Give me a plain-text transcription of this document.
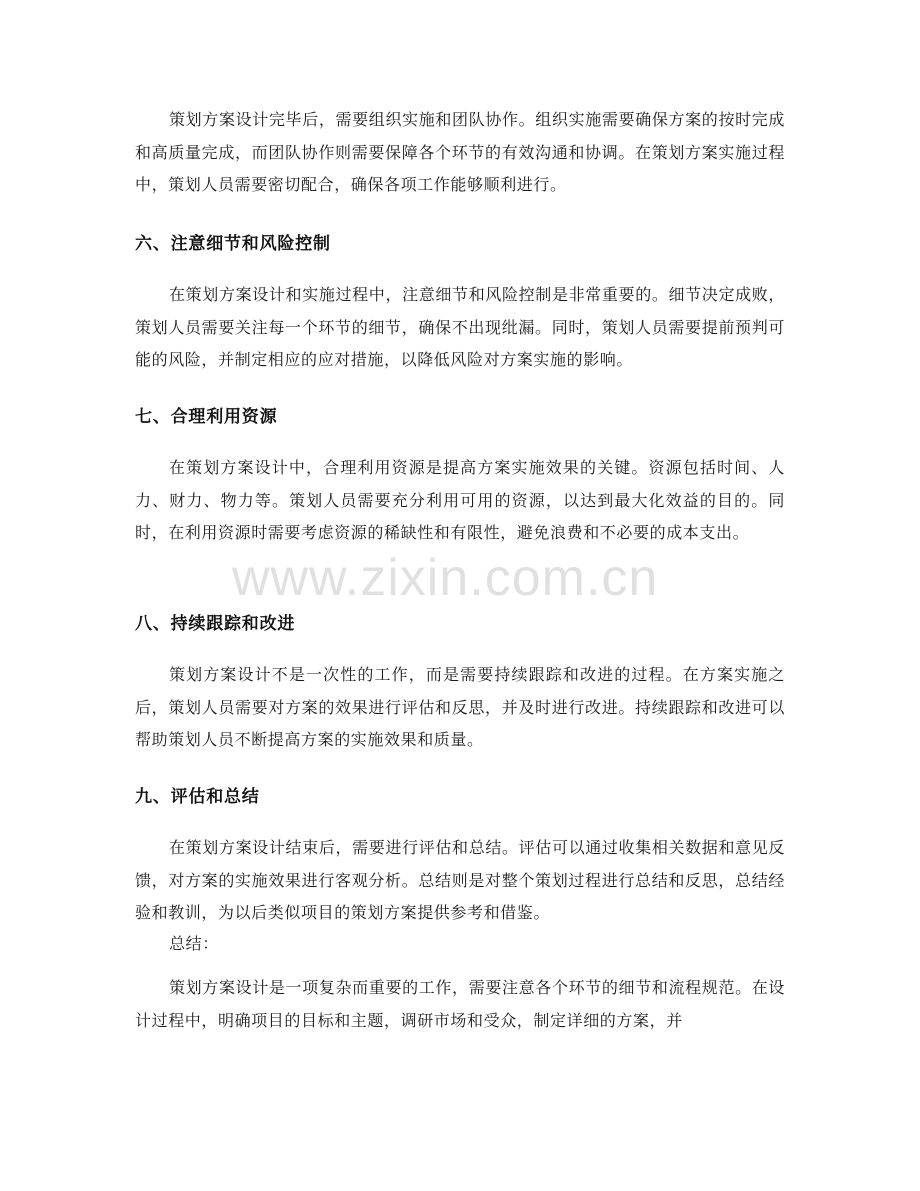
策划方案设计完毕后，需要组织实施和团队协作。组织实施需要确保方案的按时完成和高质量完成，而团队协作则需要保障各个环节的有效沟通和协调。在策划方案实施过程中，策划人员需要密切配合，确保各项工作能够顺利进行。

六、注意细节和风险控制

在策划方案设计和实施过程中，注意细节和风险控制是非常重要的。细节决定成败，策划人员需要关注每一个环节的细节，确保不出现纰漏。同时，策划人员需要提前预判可能的风险，并制定相应的应对措施，以降低风险对方案实施的影响。

七、合理利用资源

在策划方案设计中，合理利用资源是提高方案实施效果的关键。资源包括时间、人力、财力、物力等。策划人员需要充分利用可用的资源，以达到最大化效益的目的。同时，在利用资源时需要考虑资源的稀缺性和有限性，避免浪费和不必要的成本支出。

八、持续跟踪和改进

策划方案设计不是一次性的工作，而是需要持续跟踪和改进的过程。在方案实施之后，策划人员需要对方案的效果进行评估和反思，并及时进行改进。持续跟踪和改进可以帮助策划人员不断提高方案的实施效果和质量。

九、评估和总结

在策划方案设计结束后，需要进行评估和总结。评估可以通过收集相关数据和意见反馈，对方案的实施效果进行客观分析。总结则是对整个策划过程进行总结和反思，总结经验和教训，为以后类似项目的策划方案提供参考和借鉴。

总结：

策划方案设计是一项复杂而重要的工作，需要注意各个环节的细节和流程规范。在设计过程中，明确项目的目标和主题，调研市场和受众，制定详细的方案，并

www.zixin.com.cn
